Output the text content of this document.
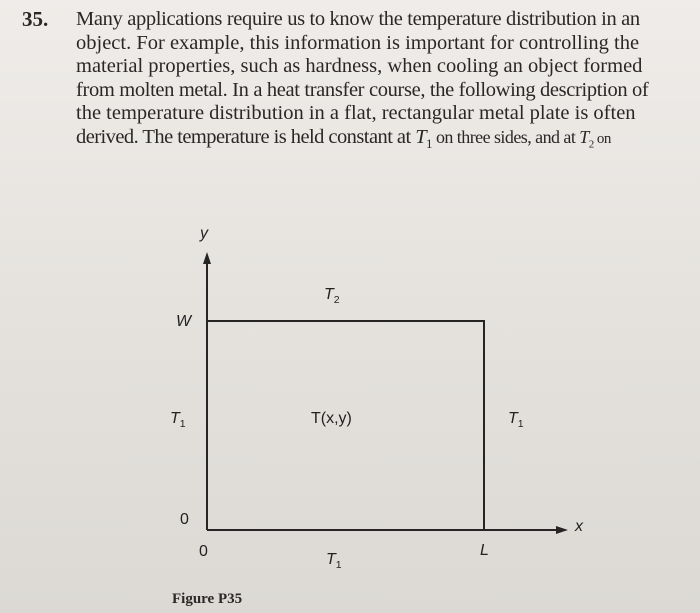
35. Many applications require us to know the temperature distribution in an
object. For example, this information is important for controlling the
material properties, such as hardness, when cooling an object formed
from molten metal. In a heat transfer course, the following description of
the temperature distribution in a flat, rectangular metal plate is often
derived. The temperature is held constant at $T_1$ on three sides, and at $T_2$ on
y
x
W
0
0	L
$T_2$
$T_1$	$T_1$
$T_1$
T(x,y)
Figure P35
